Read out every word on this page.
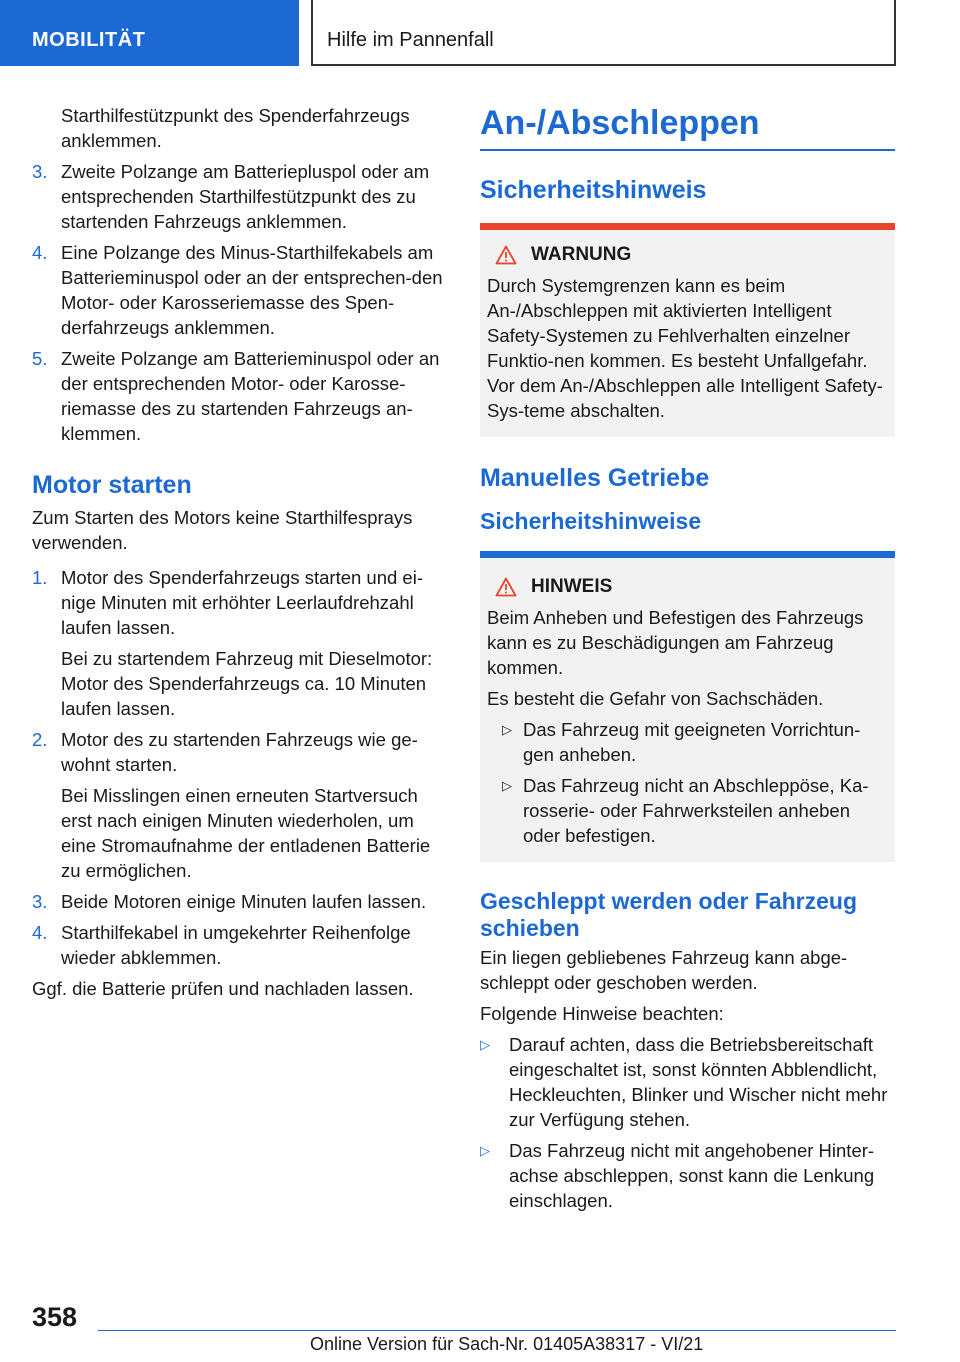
MOBILITÄT	Hilfe im Pannenfall
Starthilfestützpunkt des Spenderfahrzeugs anklemmen.
3. Zweite Polzange am Batteriepluspol oder am entsprechenden Starthilfestützpunkt des zu startenden Fahrzeugs anklemmen.
4. Eine Polzange des Minus-Starthilfekabels am Batterieminuspol oder an der entsprechen-den Motor- oder Karosseriemasse des Spen-derfahrzeugs anklemmen.
5. Zweite Polzange am Batterieminuspol oder an der entsprechenden Motor- oder Karosse-riemasse des zu startenden Fahrzeugs an-klemmen.
Motor starten

Zum Starten des Motors keine Starthilfesprays verwenden.

1. Motor des Spenderfahrzeugs starten und ei-nige Minuten mit erhöhter Leerlaufdrehzahl laufen lassen.
Bei zu startendem Fahrzeug mit Dieselmotor: Motor des Spenderfahrzeugs ca. 10 Minuten laufen lassen.
2. Motor des zu startenden Fahrzeugs wie ge-wohnt starten.
Bei Misslingen einen erneuten Startversuch erst nach einigen Minuten wiederholen, um eine Stromaufnahme der entladenen Batterie zu ermöglichen.
3. Beide Motoren einige Minuten laufen lassen.
4. Starthilfekabel in umgekehrter Reihenfolge wieder abklemmen.

Ggf. die Batterie prüfen und nachladen lassen.

An-/Abschleppen
Sicherheitshinweis
WARNUNG

Durch Systemgrenzen kann es beim An-/Abschleppen mit aktivierten Intelligent Safety-Systemen zu Fehlverhalten einzelner Funktio-nen kommen. Es besteht Unfallgefahr. Vor dem An-/Abschleppen alle Intelligent Safety-Sys-teme abschalten.

Manuelles Getriebe
Sicherheitshinweise
HINWEIS

Beim Anheben und Befestigen des Fahrzeugs kann es zu Beschädigungen am Fahrzeug kommen.

Es besteht die Gefahr von Sachschäden.

▷ Das Fahrzeug mit geeigneten Vorrichtun-gen anheben.
▷ Das Fahrzeug nicht an Abschleppöse, Ka-rosserie- oder Fahrwerksteilen anheben oder befestigen.
Geschleppt werden oder Fahrzeug schieben

Ein liegen gebliebenes Fahrzeug kann abge-schleppt oder geschoben werden.

Folgende Hinweise beachten:

▷	Darauf achten, dass die Betriebsbereitschaft eingeschaltet ist, sonst könnten Abblendlicht, Heckleuchten, Blinker und Wischer nicht mehr zur Verfügung stehen.
▷	Das Fahrzeug nicht mit angehobener Hinter-achse abschleppen, sonst kann die Lenkung einschlagen.
358
Online Version für Sach-Nr. 01405A38317 - VI/21
